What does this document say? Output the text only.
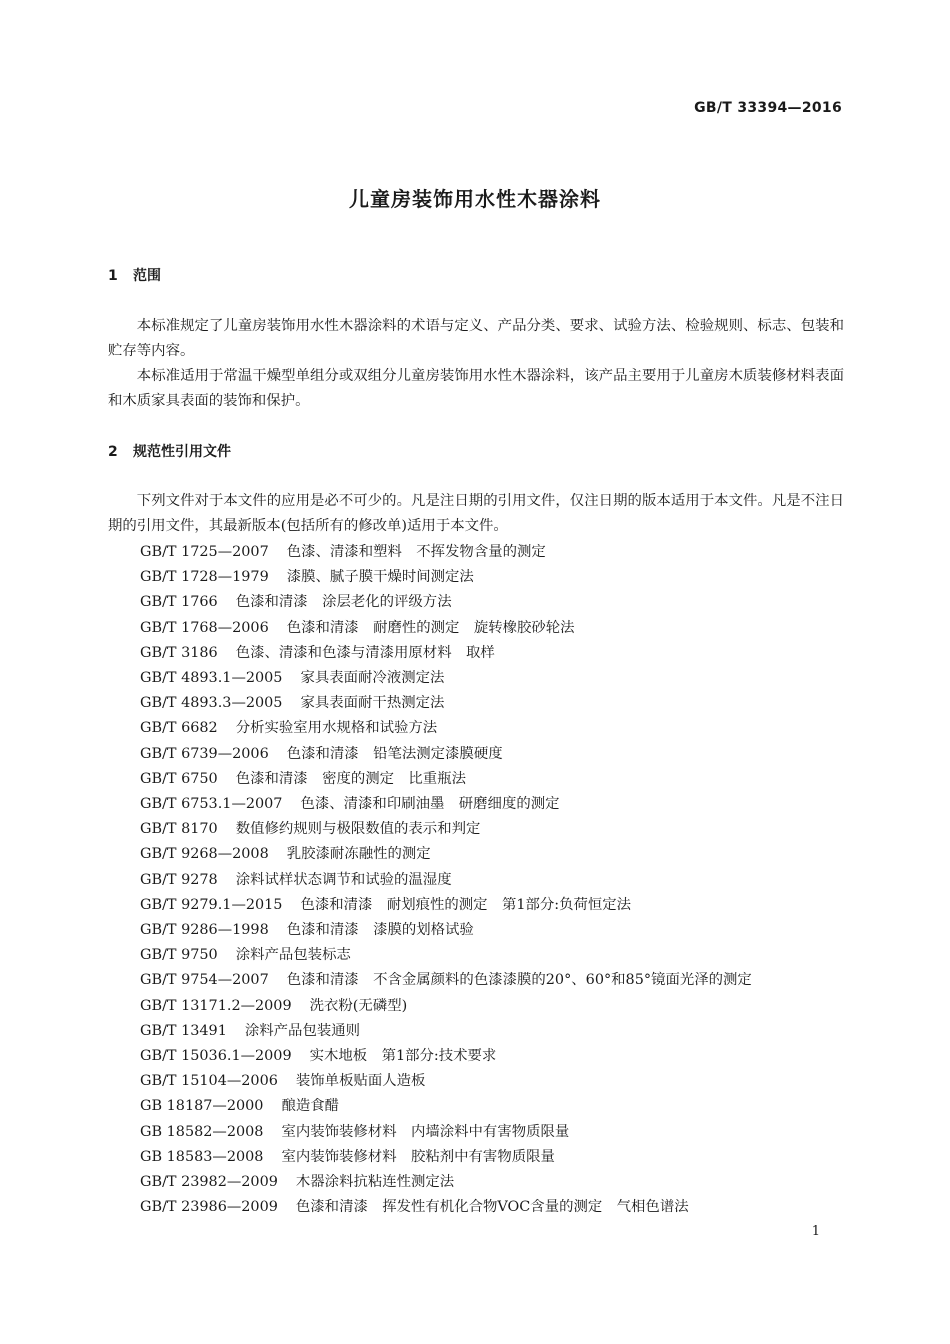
GB/T 33394—2016
儿童房装饰用水性木器涂料
1 范围

本标准规定了儿童房装饰用水性木器涂料的术语与定义、产品分类、要求、试验方法、检验规则、标志、包装和贮存等内容。

本标准适用于常温干燥型单组分或双组分儿童房装饰用水性木器涂料，该产品主要用于儿童房木质装修材料表面和木质家具表面的装饰和保护。

2 规范性引用文件

下列文件对于本文件的应用是必不可少的。凡是注日期的引用文件，仅注日期的版本适用于本文件。凡是不注日期的引用文件，其最新版本(包括所有的修改单)适用于本文件。

GB/T 1725—2007 色漆、清漆和塑料　不挥发物含量的测定
GB/T 1728—1979 漆膜、腻子膜干燥时间测定法
GB/T 1766 色漆和清漆　涂层老化的评级方法
GB/T 1768—2006 色漆和清漆　耐磨性的测定　旋转橡胶砂轮法
GB/T 3186 色漆、清漆和色漆与清漆用原材料　取样
GB/T 4893.1—2005 家具表面耐冷液测定法
GB/T 4893.3—2005 家具表面耐干热测定法
GB/T 6682 分析实验室用水规格和试验方法
GB/T 6739—2006 色漆和清漆　铅笔法测定漆膜硬度
GB/T 6750 色漆和清漆　密度的测定　比重瓶法
GB/T 6753.1—2007 色漆、清漆和印刷油墨　研磨细度的测定
GB/T 8170 数值修约规则与极限数值的表示和判定
GB/T 9268—2008 乳胶漆耐冻融性的测定
GB/T 9278 涂料试样状态调节和试验的温湿度
GB/T 9279.1—2015 色漆和清漆　耐划痕性的测定　第1部分:负荷恒定法
GB/T 9286—1998 色漆和清漆　漆膜的划格试验
GB/T 9750 涂料产品包装标志
GB/T 9754—2007 色漆和清漆　不含金属颜料的色漆漆膜的20°、60°和85°镜面光泽的测定
GB/T 13171.2—2009 洗衣粉(无磷型)
GB/T 13491 涂料产品包装通则
GB/T 15036.1—2009 实木地板　第1部分:技术要求
GB/T 15104—2006 装饰单板贴面人造板
GB 18187—2000 酿造食醋
GB 18582—2008 室内装饰装修材料　内墙涂料中有害物质限量
GB 18583—2008 室内装饰装修材料　胶粘剂中有害物质限量
GB/T 23982—2009 木器涂料抗粘连性测定法
GB/T 23986—2009 色漆和清漆　挥发性有机化合物VOC含量的测定　气相色谱法
1
